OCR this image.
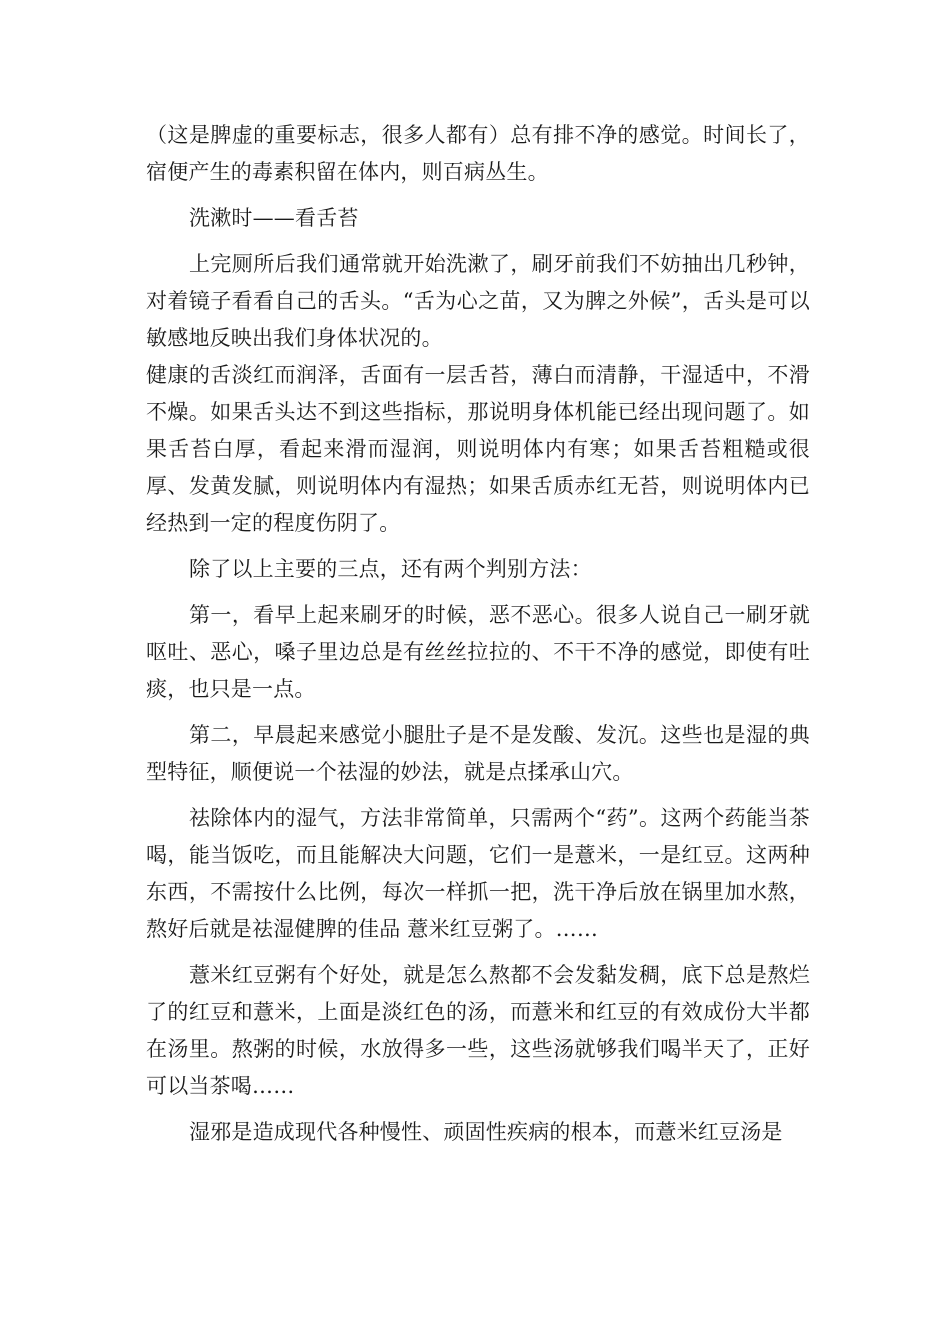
（这是脾虚的重要标志，很多人都有）总有排不净的感觉。时间长了，宿便产生的毒素积留在体内，则百病丛生。

洗漱时——看舌苔

上完厕所后我们通常就开始洗漱了，刷牙前我们不妨抽出几秒钟，对着镜子看看自己的舌头。“舌为心之苗，又为脾之外候”，舌头是可以敏感地反映出我们身体状况的。

健康的舌淡红而润泽，舌面有一层舌苔，薄白而清静，干湿适中，不滑不燥。如果舌头达不到这些指标，那说明身体机能已经出现问题了。如果舌苔白厚，看起来滑而湿润，则说明体内有寒；如果舌苔粗糙或很厚、发黄发腻，则说明体内有湿热；如果舌质赤红无苔，则说明体内已经热到一定的程度伤阴了。

除了以上主要的三点，还有两个判别方法：

第一，看早上起来刷牙的时候，恶不恶心。很多人说自己一刷牙就呕吐、恶心，嗓子里边总是有丝丝拉拉的、不干不净的感觉，即使有吐痰，也只是一点。

第二，早晨起来感觉小腿肚子是不是发酸、发沉。这些也是湿的典型特征，顺便说一个祛湿的妙法，就是点揉承山穴。

祛除体内的湿气，方法非常简单，只需两个“药”。这两个药能当茶喝，能当饭吃，而且能解决大问题，它们一是薏米，一是红豆。这两种东西，不需按什么比例，每次一样抓一把，洗干净后放在锅里加水熬，熬好后就是祛湿健脾的佳品 薏米红豆粥了。……

薏米红豆粥有个好处，就是怎么熬都不会发黏发稠，底下总是熬烂了的红豆和薏米，上面是淡红色的汤，而薏米和红豆的有效成份大半都在汤里。熬粥的时候，水放得多一些，这些汤就够我们喝半天了，正好可以当茶喝……

湿邪是造成现代各种慢性、顽固性疾病的根本，而薏米红豆汤是
